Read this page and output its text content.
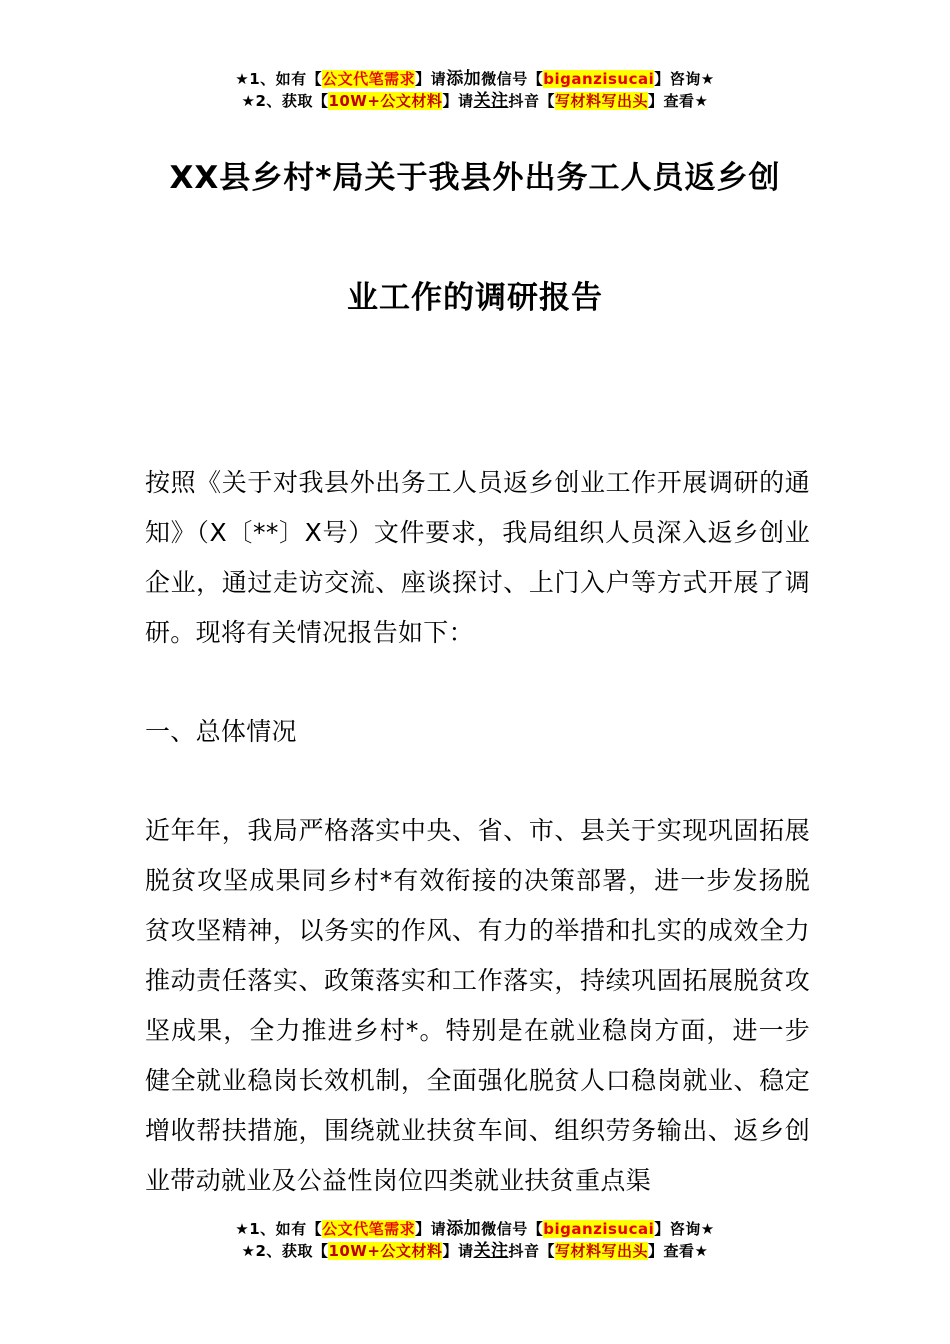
★1、如有【公文代笔需求】请添加微信号【biganzisucai】咨询★
★2、获取【10W+公文材料】请关注抖音【写材料写出头】查看★
XX县乡村*局关于我县外出务工人员返乡创
业工作的调研报告
按照《关于对我县外出务工人员返乡创业工作开展调研的通知》（X〔**〕X号）文件要求，我局组织人员深入返乡创业企业，通过走访交流、座谈探讨、上门入户等方式开展了调研。现将有关情况报告如下：
一、总体情况
近年年，我局严格落实中央、省、市、县关于实现巩固拓展脱贫攻坚成果同乡村*有效衔接的决策部署，进一步发扬脱贫攻坚精神，以务实的作风、有力的举措和扎实的成效全力推动责任落实、政策落实和工作落实，持续巩固拓展脱贫攻坚成果，全力推进乡村*。特别是在就业稳岗方面，进一步健全就业稳岗长效机制，全面强化脱贫人口稳岗就业、稳定增收帮扶措施，围绕就业扶贫车间、组织劳务输出、返乡创业带动就业及公益性岗位四类就业扶贫重点渠
★1、如有【公文代笔需求】请添加微信号【biganzisucai】咨询★
★2、获取【10W+公文材料】请关注抖音【写材料写出头】查看★
